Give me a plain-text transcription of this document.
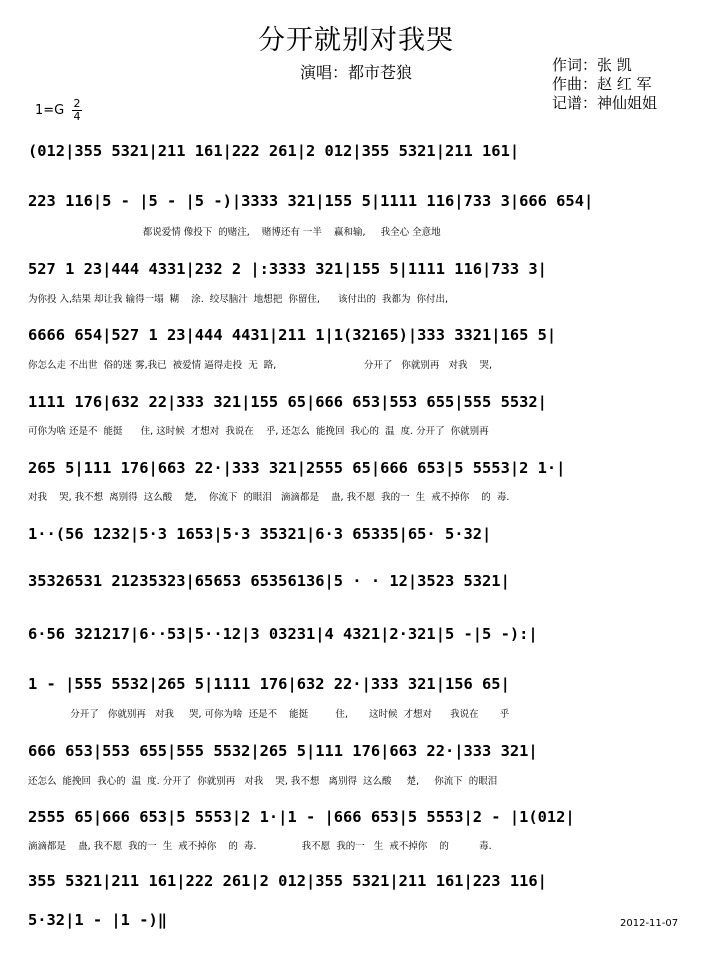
分开就别对我哭
演唱：都市苍狼	作词：张 凯
作曲：赵 红 军
记谱：神仙姐姐
1=G 2
4
(012|355 5321|211 161|222 261|2 012|355 5321|211 161|
223 116|5 - |5 - |5 -)|3333 321|155 5|1111 116|733 3|666 654|
都说爱情 像投下  的赌注,    赌博还有 一半    赢和输,     我全心 全意地
527 1 23|444 4331|232 2 |:3333 321|155 5|1111 116|733 3|
为你投 入,结果 却让我 输得一塌  糊    涂.  绞尽脑汁  地想把  你留住,      该付出的  我都为  你付出,
6666 654|527 1 23|444 4431|211 1|1(32165)|333 3321|165 5|
你怎么走 不出世  俗的迷 雾,我已  被爱情 逼得走投  无  路,                             分开了   你就别再   对我    哭,
1111 176|632 22|333 321|155 65|666 653|553 655|555 5532|
可你为啥 还是不  能挺      住, 这时候  才想对  我说在    乎, 还怎么  能挽回  我心的  温  度. 分开了  你就别再
265 5|111 176|663 22·|333 321|2555 65|666 653|5 5553|2 1·|
对我    哭, 我不想  离别得  这么酸    楚,    你流下  的眼泪   滴滴都是    蛊, 我不愿  我的一  生  戒不掉你    的  毒.
1··(56 1232|5·3 1653|5·3 35321|6·3 65335|65· 5·32|
35326531 21235323|65653 65356136|5 · · 12|3523 5321|
6·56 321217|6··53|5··12|3 03231|4 4321|2·321|5 -|5 -):|
1 - |555 5532|265 5|1111 176|632 22·|333 321|156 65|
分开了   你就别再   对我     哭, 可你为啥  还是不    能挺         住,       这时候  才想对      我说在       乎
666 653|553 655|555 5532|265 5|111 176|663 22·|333 321|
还怎么  能挽回  我心的  温  度. 分开了  你就别再   对我    哭, 我不想   离别得  这么酸     楚,     你流下  的眼泪
2555 65|666 653|5 5553|2 1·|1 - |666 653|5 5553|2 - |1(012|
滴滴都是    蛊, 我不愿  我的一  生  戒不掉你    的  毒.               我不愿  我的一   生  戒不掉你    的          毒.
355 5321|211 161|222 261|2 012|355 5321|211 161|223 116|
5·32|1 - |1 -)‖	2012-11-07
